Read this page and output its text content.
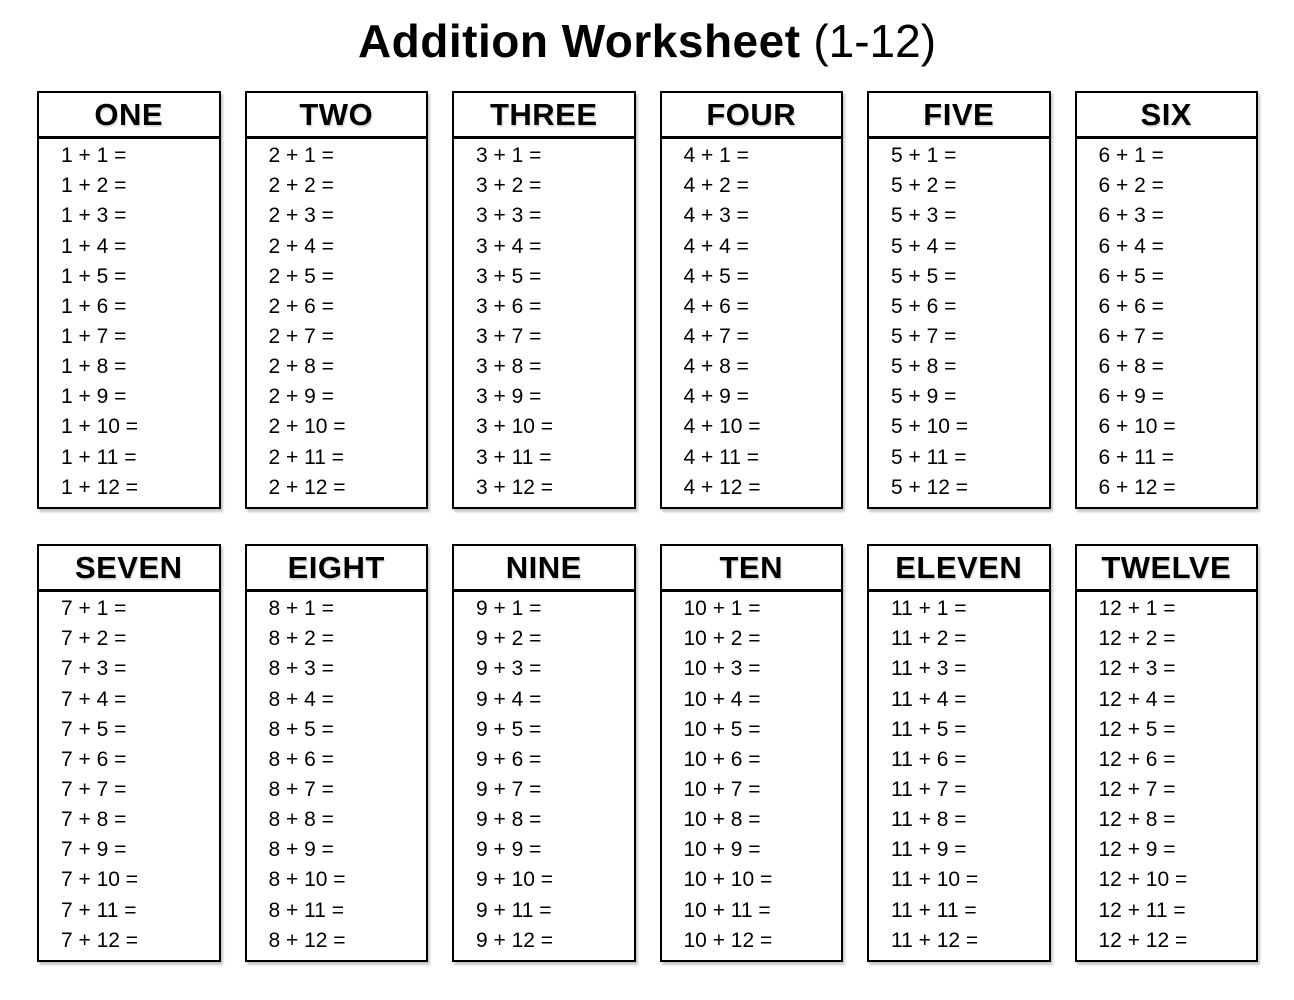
Addition Worksheet (1-12)
ONE
1 + 1 =
1 + 2 =
1 + 3 =
1 + 4 =
1 + 5 =
1 + 6 =
1 + 7 =
1 + 8 =
1 + 9 =
1 + 10 =
1 + 11 =
1 + 12 =
TWO
2 + 1 =
2 + 2 =
2 + 3 =
2 + 4 =
2 + 5 =
2 + 6 =
2 + 7 =
2 + 8 =
2 + 9 =
2 + 10 =
2 + 11 =
2 + 12 =
THREE
3 + 1 =
3 + 2 =
3 + 3 =
3 + 4 =
3 + 5 =
3 + 6 =
3 + 7 =
3 + 8 =
3 + 9 =
3 + 10 =
3 + 11 =
3 + 12 =
FOUR
4 + 1 =
4 + 2 =
4 + 3 =
4 + 4 =
4 + 5 =
4 + 6 =
4 + 7 =
4 + 8 =
4 + 9 =
4 + 10 =
4 + 11 =
4 + 12 =
FIVE
5 + 1 =
5 + 2 =
5 + 3 =
5 + 4 =
5 + 5 =
5 + 6 =
5 + 7 =
5 + 8 =
5 + 9 =
5 + 10 =
5 + 11 =
5 + 12 =
SIX
6 + 1 =
6 + 2 =
6 + 3 =
6 + 4 =
6 + 5 =
6 + 6 =
6 + 7 =
6 + 8 =
6 + 9 =
6 + 10 =
6 + 11 =
6 + 12 =
SEVEN
7 + 1 =
7 + 2 =
7 + 3 =
7 + 4 =
7 + 5 =
7 + 6 =
7 + 7 =
7 + 8 =
7 + 9 =
7 + 10 =
7 + 11 =
7 + 12 =
EIGHT
8 + 1 =
8 + 2 =
8 + 3 =
8 + 4 =
8 + 5 =
8 + 6 =
8 + 7 =
8 + 8 =
8 + 9 =
8 + 10 =
8 + 11 =
8 + 12 =
NINE
9 + 1 =
9 + 2 =
9 + 3 =
9 + 4 =
9 + 5 =
9 + 6 =
9 + 7 =
9 + 8 =
9 + 9 =
9 + 10 =
9 + 11 =
9 + 12 =
TEN
10 + 1 =
10 + 2 =
10 + 3 =
10 + 4 =
10 + 5 =
10 + 6 =
10 + 7 =
10 + 8 =
10 + 9 =
10 + 10 =
10 + 11 =
10 + 12 =
ELEVEN
11 + 1 =
11 + 2 =
11 + 3 =
11 + 4 =
11 + 5 =
11 + 6 =
11 + 7 =
11 + 8 =
11 + 9 =
11 + 10 =
11 + 11 =
11 + 12 =
TWELVE
12 + 1 =
12 + 2 =
12 + 3 =
12 + 4 =
12 + 5 =
12 + 6 =
12 + 7 =
12 + 8 =
12 + 9 =
12 + 10 =
12 + 11 =
12 + 12 =
